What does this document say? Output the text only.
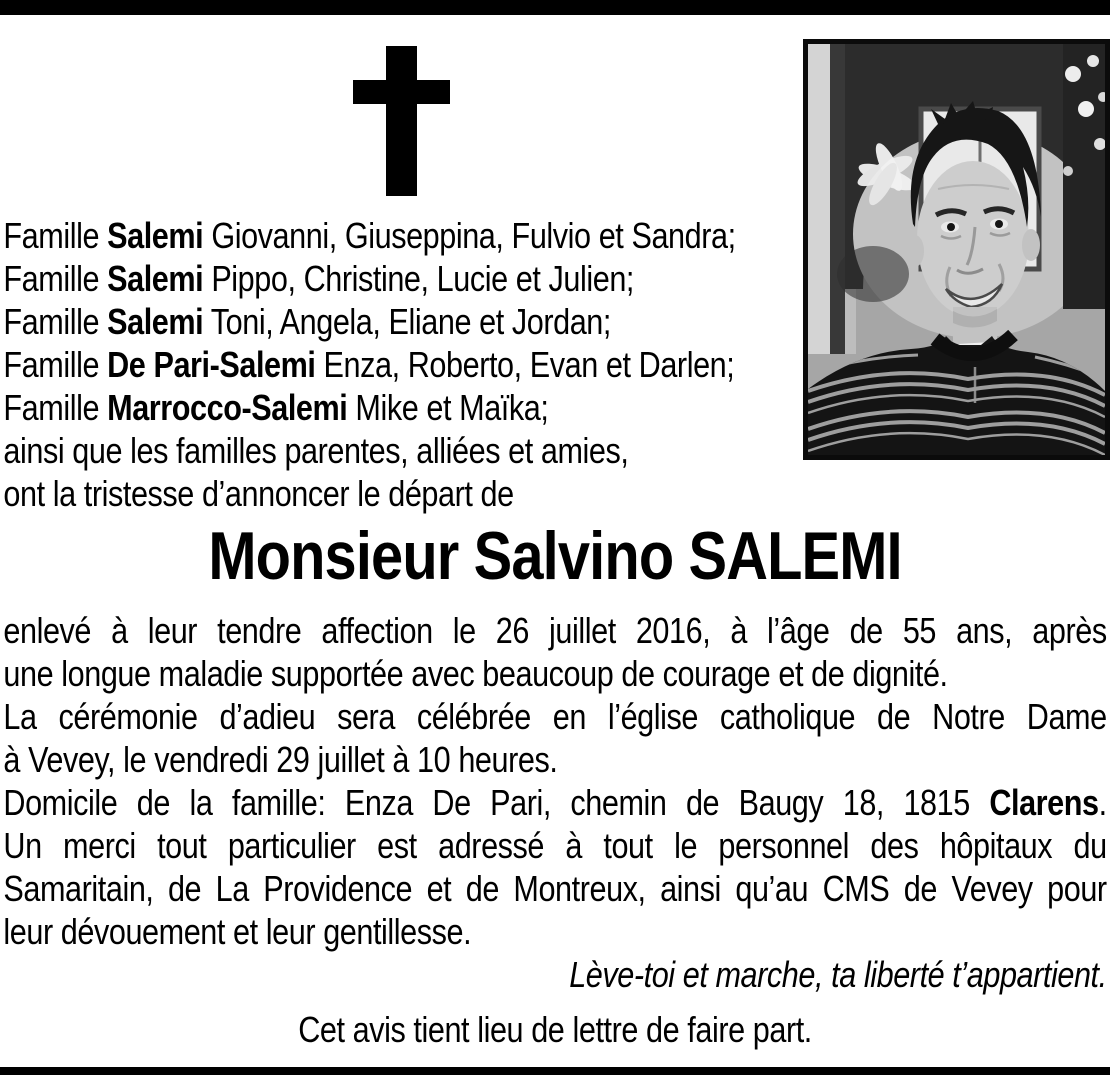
Famille Salemi Giovanni, Giuseppina, Fulvio et Sandra;
Famille Salemi Pippo, Christine, Lucie et Julien;
Famille Salemi Toni, Angela, Eliane et Jordan;
Famille De Pari-Salemi Enza, Roberto, Evan et Darlen;
Famille Marrocco-Salemi Mike et Maïka;
ainsi que les familles parentes, alliées et amies,
ont la tristesse d’annoncer le départ de
Monsieur Salvino SALEMI
enlevé à leur tendre affection le 26 juillet 2016, à l’âge de 55 ans, après
une longue maladie supportée avec beaucoup de courage et de dignité.
La cérémonie d’adieu sera célébrée en l’église catholique de Notre Dame
à Vevey, le vendredi 29 juillet à 10 heures.
Domicile de la famille: Enza De Pari, chemin de Baugy 18, 1815 Clarens.
Un merci tout particulier est adressé à tout le personnel des hôpitaux du
Samaritain, de La Providence et de Montreux, ainsi qu’au CMS de Vevey pour
leur dévouement et leur gentillesse.
Lève-toi et marche, ta liberté t’appartient.
Cet avis tient lieu de lettre de faire part.
